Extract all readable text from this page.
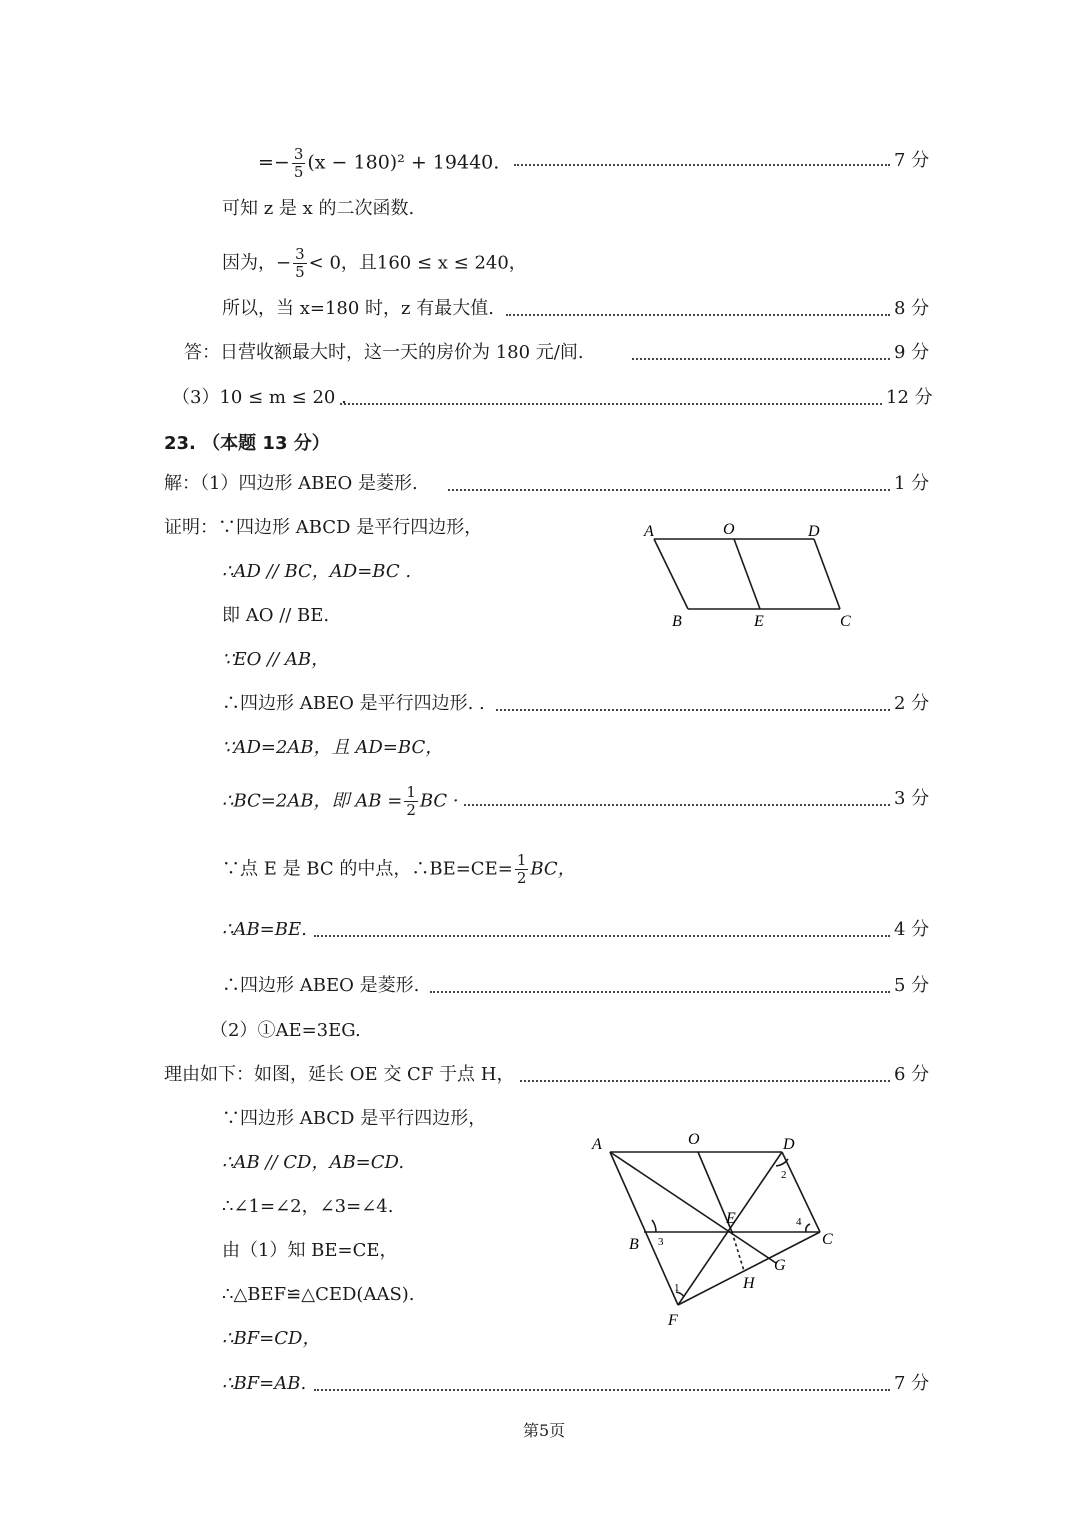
=− $\frac{3}{5} (x - 180)^2 + 19440$.	7 分
可知 z 是 x 的二次函数.
因为，− $\frac{3}{5} < 0$，且160 ≤ x ≤ 240，
所以，当 x=180 时，z 有最大值.	8 分
答：日营收额最大时，这一天的房价为 180 元/间.	9 分
（3）10 ≤ m ≤ 20 .	12 分
23. （本题 13 分）
解：（1）四边形 ABEO 是菱形.	1 分
证明：∵四边形 ABCD 是平行四边形，
∴AD // BC，AD=BC .
即 AO // BE.
∵EO // AB，
∴四边形 ABEO 是平行四边形. .	2 分
∵AD=2AB，且 AD=BC，
∴BC=2AB，即 AB = $\frac{1}{2}$ BC ·	3 分
∵点 E 是 BC 的中点，∴BE=CE= $\frac{1}{2}$ BC，
∴AB=BE.	4 分
∴四边形 ABEO 是菱形.	5 分
（2）①AE=3EG.
理由如下：如图，延长 OE 交 CF 于点 H，	6 分
∵四边形 ABCD 是平行四边形，
∴AB // CD，AB=CD.
∴∠1=∠2，∠3=∠4.
由（1）知 BE=CE，
∴△BEF≌△CED(AAS).
∴BF=CD，
∴BF=AB.	7 分
A	O	D
B	E	C
A	O	D
E
B	C
G
H
F
1
2
3
4
第5页
